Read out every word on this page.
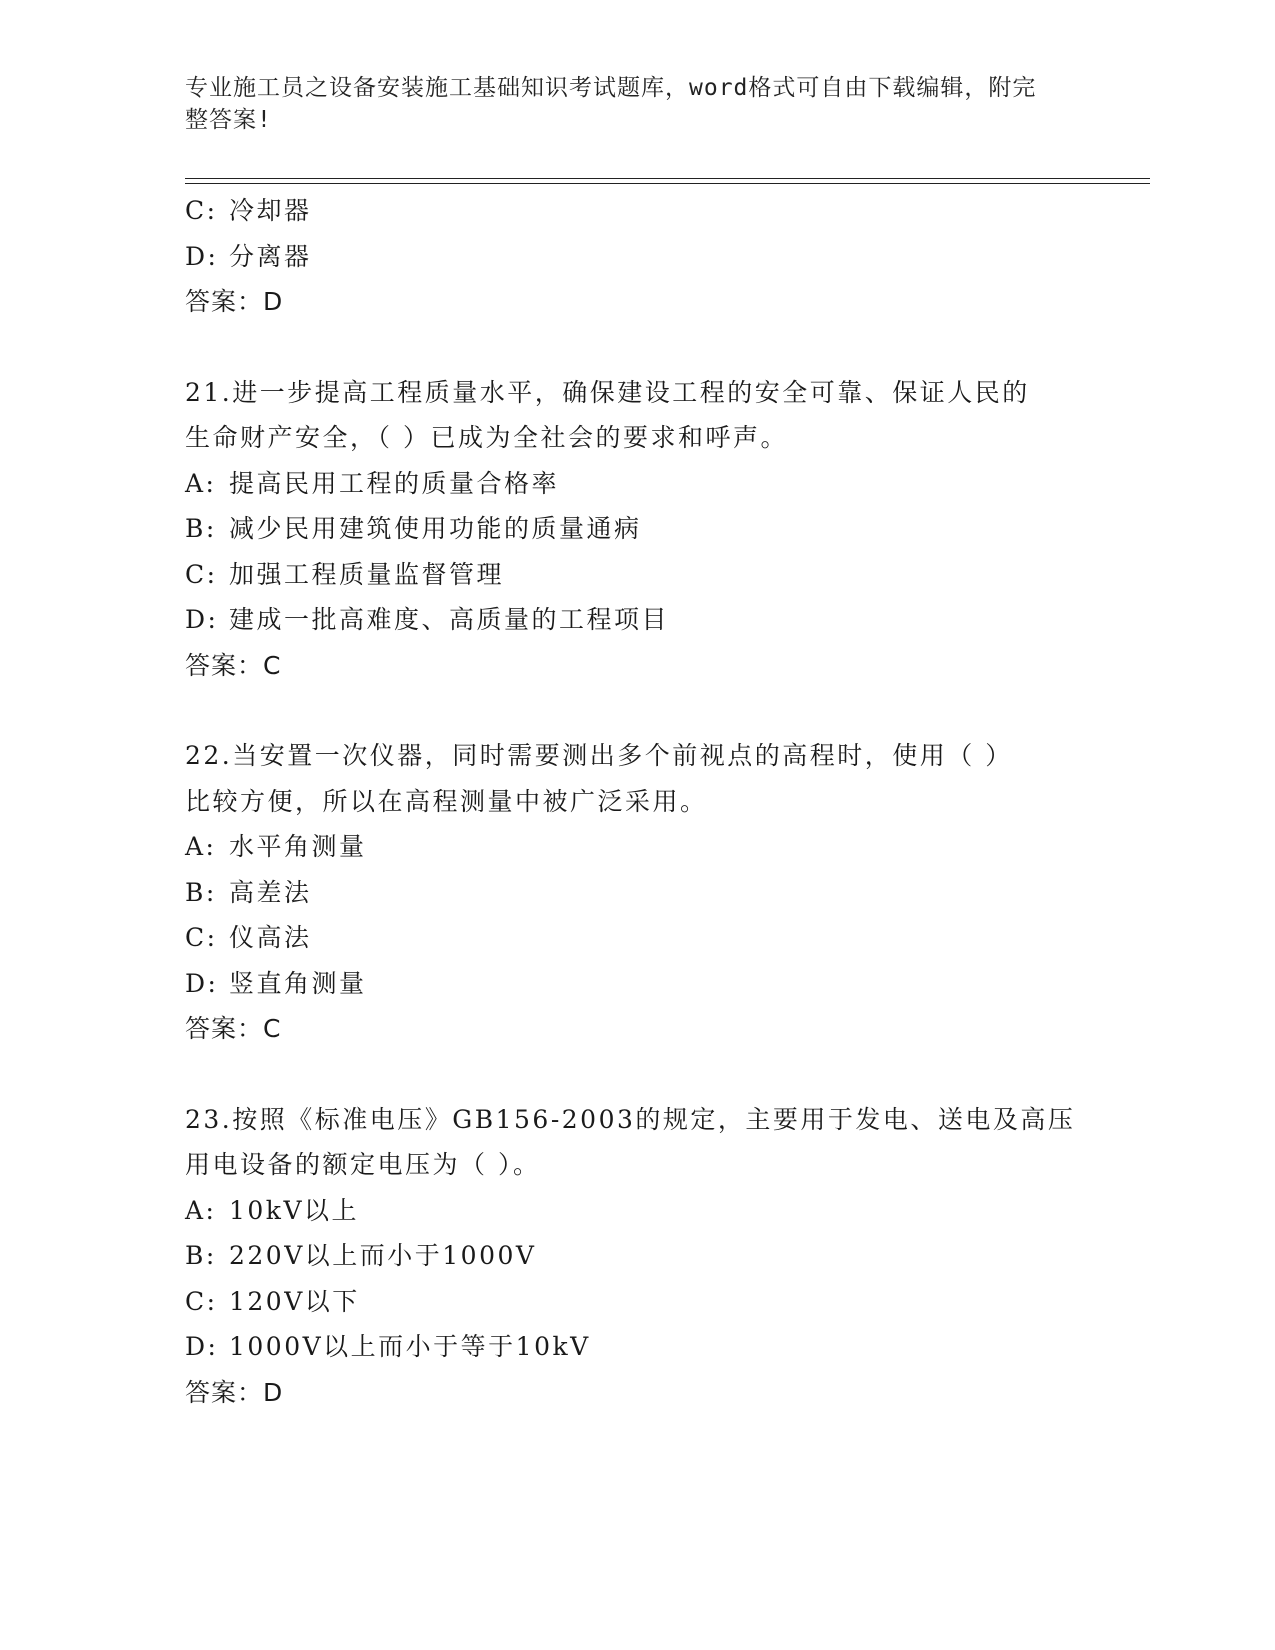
专业施工员之设备安装施工基础知识考试题库，word格式可自由下载编辑，附完
整答案!
C: 冷却器
D: 分离器
答案：D
21.进一步提高工程质量水平，确保建设工程的安全可靠、保证人民的
生命财产安全，（ ）已成为全社会的要求和呼声。
A: 提高民用工程的质量合格率
B: 减少民用建筑使用功能的质量通病
C: 加强工程质量监督管理
D: 建成一批高难度、高质量的工程项目
答案：C
22.当安置一次仪器，同时需要测出多个前视点的高程时，使用（ ）
比较方便，所以在高程测量中被广泛采用。
A: 水平角测量
B: 高差法
C: 仪高法
D: 竖直角测量
答案：C
23.按照《标准电压》GB156-2003的规定，主要用于发电、送电及高压
用电设备的额定电压为（ ）。
A: 10kV以上
B: 220V以上而小于1000V
C: 120V以下
D: 1000V以上而小于等于10kV
答案：D
